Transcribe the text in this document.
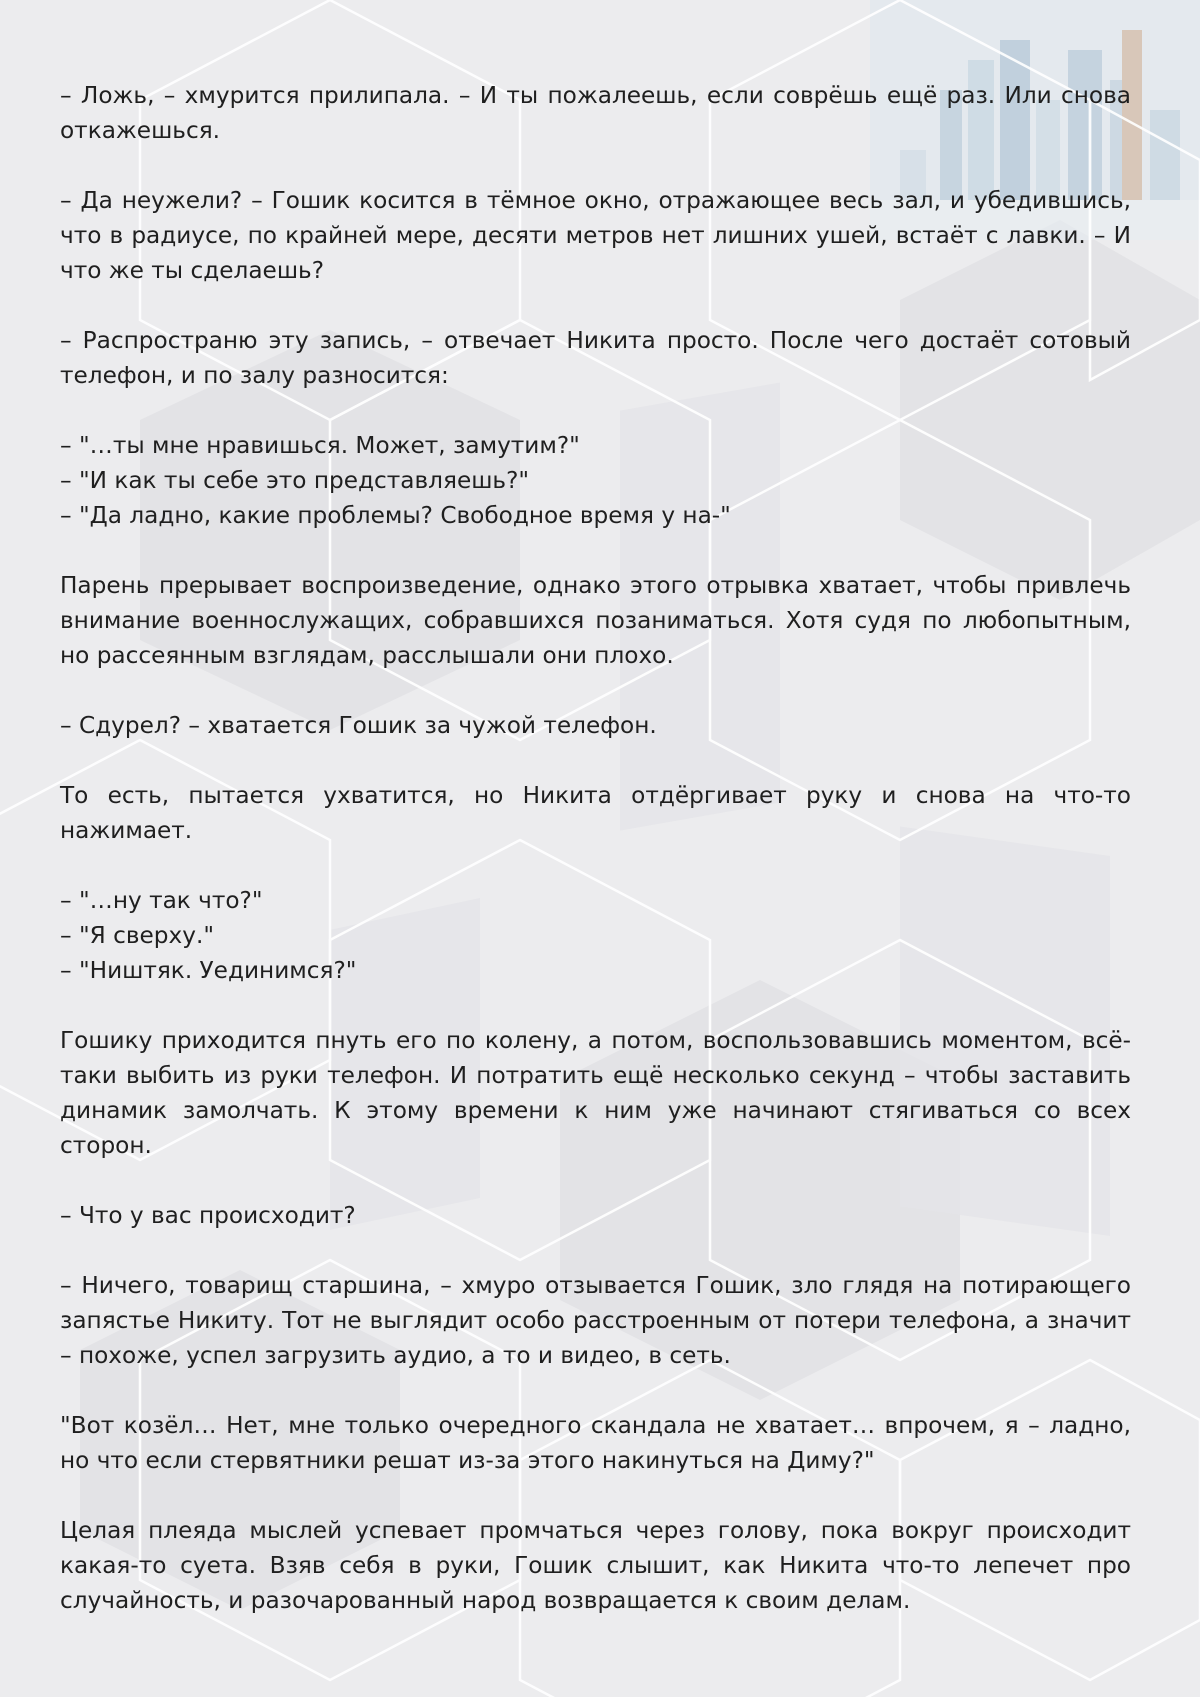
– Ложь, – хмурится прилипала. – И ты пожалеешь, если соврёшь ещё раз. Или снова откажешься.

– Да неужели? – Гошик косится в тёмное окно, отражающее весь зал, и убедившись, что в радиусе, по крайней мере, десяти метров нет лишних ушей, встаёт с лавки. – И что же ты сделаешь?

– Распространю эту запись, – отвечает Никита просто. После чего достаёт сотовый телефон, и по залу разносится:

– "…ты мне нравишься. Может, замутим?"
– "И как ты себе это представляешь?"
– "Да ладно, какие проблемы? Свободное время у на-"

Парень прерывает воспроизведение, однако этого отрывка хватает, чтобы привлечь внимание военнослужащих, собравшихся позаниматься. Хотя судя по любопытным, но рассеянным взглядам, расслышали они плохо.

– Сдурел? – хватается Гошик за чужой телефон.

То есть, пытается ухватится, но Никита отдёргивает руку и снова на что-то нажимает.

– "…ну так что?"
– "Я сверху."
– "Ништяк. Уединимся?"

Гошику приходится пнуть его по колену, а потом, воспользовавшись моментом, всё-таки выбить из руки телефон. И потратить ещё несколько секунд – чтобы заставить динамик замолчать. К этому времени к ним уже начинают стягиваться со всех сторон.

– Что у вас происходит?

– Ничего, товарищ старшина, – хмуро отзывается Гошик, зло глядя на потирающего запястье Никиту. Тот не выглядит особо расстроенным от потери телефона, а значит – похоже, успел загрузить аудио, а то и видео, в сеть.

"Вот козёл… Нет, мне только очередного скандала не хватает… впрочем, я – ладно, но что если стервятники решат из-за этого накинуться на Диму?"

Целая плеяда мыслей успевает промчаться через голову, пока вокруг происходит какая-то суета. Взяв себя в руки, Гошик слышит, как Никита что-то лепечет про случайность, и разочарованный народ возвращается к своим делам.
